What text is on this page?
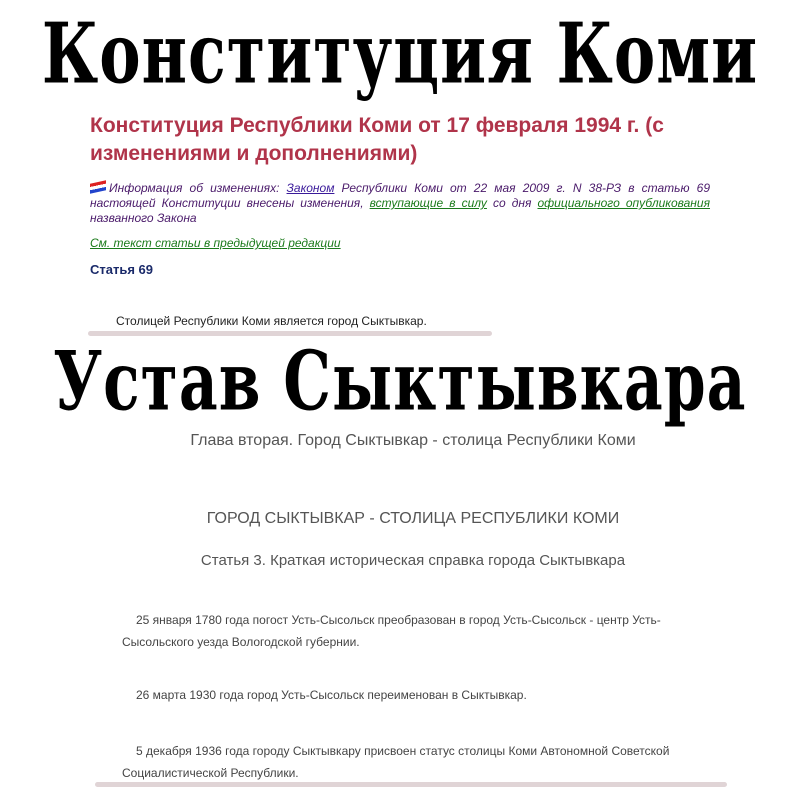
Конституция Коми
Конституция Республики Коми от 17 февраля 1994 г. (с изменениями и дополнениями)
Информация об изменениях: Законом Республики Коми от 22 мая 2009 г. N 38-РЗ в статью 69 настоящей Конституции внесены изменения, вступающие в силу со дня официального опубликования названного Закона
См. текст статьи в предыдущей редакции
Статья 69
Столицей Республики Коми является город Сыктывкар.
Устав Сыктывкара
Глава вторая. Город Сыктывкар - столица Республики Коми
ГОРОД СЫКТЫВКАР - СТОЛИЦА РЕСПУБЛИКИ КОМИ
Статья 3. Краткая историческая справка города Сыктывкара
25 января 1780 года погост Усть-Сысольск преобразован в город Усть-Сысольск - центр Усть-Сысольского уезда Вологодской губернии.
26 марта 1930 года город Усть-Сысольск переименован в Сыктывкар.
5 декабря 1936 года городу Сыктывкару присвоен статус столицы Коми Автономной Советской Социалистической Республики.
